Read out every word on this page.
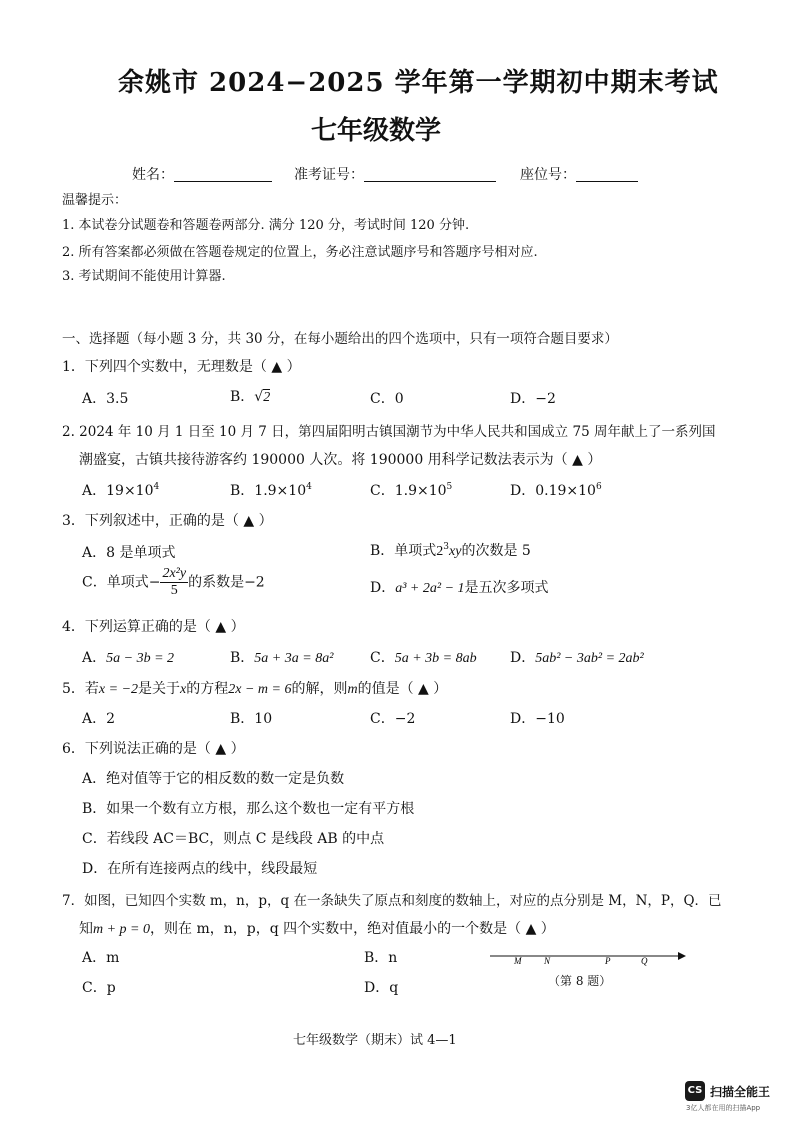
余姚市 2024−2025 学年第一学期初中期末考试
七年级数学
姓名：	准考证号：	座位号：
温馨提示：
1. 本试卷分试题卷和答题卷两部分. 满分 120 分，考试时间 120 分钟.
2. 所有答案都必须做在答题卷规定的位置上，务必注意试题序号和答题序号相对应.
3. 考试期间不能使用计算器.
一、选择题（每小题 3 分，共 30 分，在每小题给出的四个选项中，只有一项符合题目要求）
1．下列四个实数中，无理数是（ ▲ ）
A．3.5	B．√2	C．0	D．−2
2. 2024 年 10 月 1 日至 10 月 7 日，第四届阳明古镇国潮节为中华人民共和国成立 75 周年献上了一系列国
潮盛宴，古镇共接待游客约 190000 人次。将 190000 用科学记数法表示为（ ▲ ）
A．$19\times 10^4$	B．$1.9\times 10^4$	C．$1.9\times 10^5$	D．$0.19\times 10^6$
3．下列叙述中，正确的是（ ▲ ）
A．8 是单项式	B．单项式$2^3xy$的次数是 5
C．单项式− $\frac{\text{2x²y}}{5}$ 的系数是−2	D．a³ + 2a² − 1是五次多项式
4．下列运算正确的是（ ▲ ）
A．5a − 3b = 2	B．5a + 3a = 8a²	C．5a + 3b = 8ab D．5ab² − 3ab² = 2ab²
5．若x = −2是关于x的方程2x − m = 6的解，则m的值是（ ▲ ）
A．2	B．10	C．−2	D．−10
6．下列说法正确的是（ ▲ ）
A．绝对值等于它的相反数的数一定是负数
B．如果一个数有立方根，那么这个数也一定有平方根
C．若线段 AC＝BC，则点 C 是线段 AB 的中点
D．在所有连接两点的线中，线段最短
7．如图，已知四个实数 m，n，p，q 在一条缺失了原点和刻度的数轴上，对应的点分别是 M，N，P，Q．已
知m + p = 0，则在 m，n，p，q 四个实数中，绝对值最小的一个数是（ ▲ ）
A．m	B．n
C．p	D．q
M	N	P	Q
（第 8 题）
七年级数学（期末）试 4—1
CS 扫描全能王
3亿人都在用的扫描App
